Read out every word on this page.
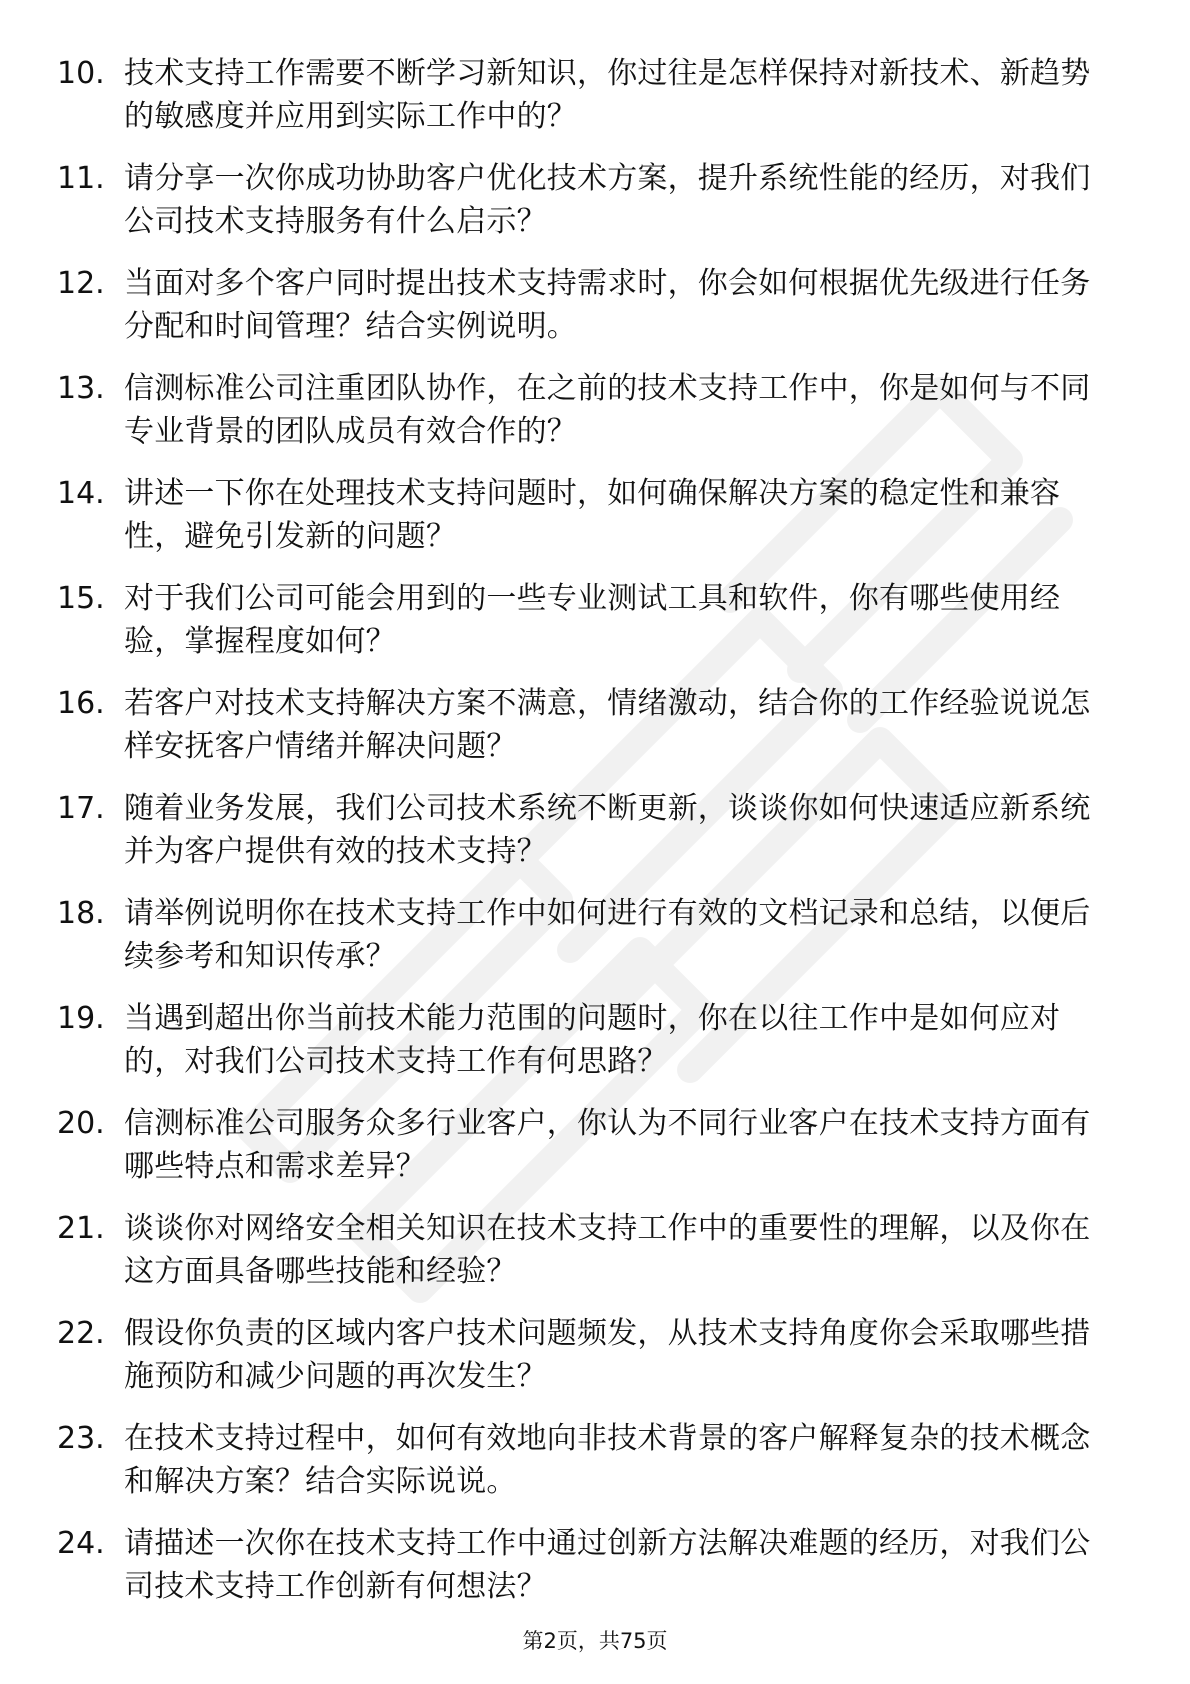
10. 技术支持工作需要不断学习新知识，你过往是怎样保持对新技术、新趋势的敏感度并应用到实际工作中的？
11. 请分享一次你成功协助客户优化技术方案，提升系统性能的经历，对我们公司技术支持服务有什么启示？
12. 当面对多个客户同时提出技术支持需求时，你会如何根据优先级进行任务分配和时间管理？结合实例说明。
13. 信测标准公司注重团队协作，在之前的技术支持工作中，你是如何与不同专业背景的团队成员有效合作的？
14. 讲述一下你在处理技术支持问题时，如何确保解决方案的稳定性和兼容性，避免引发新的问题？
15. 对于我们公司可能会用到的一些专业测试工具和软件，你有哪些使用经验，掌握程度如何？
16. 若客户对技术支持解决方案不满意，情绪激动，结合你的工作经验说说怎样安抚客户情绪并解决问题？
17. 随着业务发展，我们公司技术系统不断更新，谈谈你如何快速适应新系统并为客户提供有效的技术支持？
18. 请举例说明你在技术支持工作中如何进行有效的文档记录和总结，以便后续参考和知识传承？
19. 当遇到超出你当前技术能力范围的问题时，你在以往工作中是如何应对的，对我们公司技术支持工作有何思路？
20. 信测标准公司服务众多行业客户，你认为不同行业客户在技术支持方面有哪些特点和需求差异？
21. 谈谈你对网络安全相关知识在技术支持工作中的重要性的理解，以及你在这方面具备哪些技能和经验？
22. 假设你负责的区域内客户技术问题频发，从技术支持角度你会采取哪些措施预防和减少问题的再次发生？
23. 在技术支持过程中，如何有效地向非技术背景的客户解释复杂的技术概念和解决方案？结合实际说说。
24. 请描述一次你在技术支持工作中通过创新方法解决难题的经历，对我们公司技术支持工作创新有何想法？
第2页，共75页
